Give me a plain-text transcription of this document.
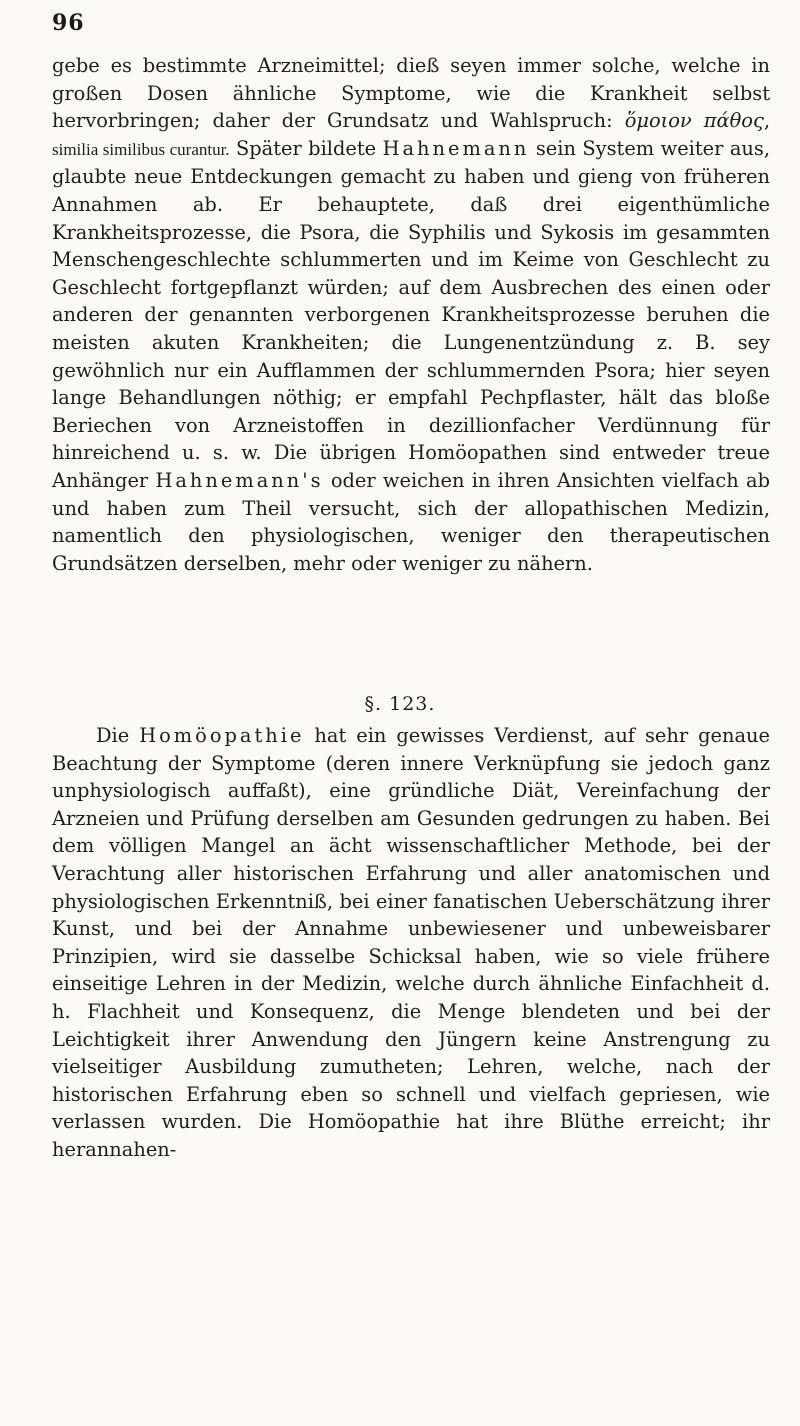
96
gebe es bestimmte Arzneimittel; dieß seyen immer solche, welche in großen Dosen ähnliche Symptome, wie die Krankheit selbst hervorbringen; daher der Grundsatz und Wahlspruch: ὅμοιον πάθος, similia similibus curantur. Später bildete Hahnemann sein System weiter aus, glaubte neue Entdeckungen gemacht zu haben und gieng von früheren Annahmen ab. Er behauptete, daß drei eigenthümliche Krankheitsprozesse, die Psora, die Syphilis und Sykosis im gesammten Menschengeschlechte schlummerten und im Keime von Geschlecht zu Geschlecht fortgepflanzt würden; auf dem Ausbrechen des einen oder anderen der genannten verborgenen Krankheitsprozesse beruhen die meisten akuten Krankheiten; die Lungenentzündung z. B. sey gewöhnlich nur ein Aufflammen der schlummernden Psora; hier seyen lange Behandlungen nöthig; er empfahl Pechpflaster, hält das bloße Beriechen von Arzneistoffen in dezillionfacher Verdünnung für hinreichend u. s. w. Die übrigen Homöopathen sind entweder treue Anhänger Hahnemann's oder weichen in ihren Ansichten vielfach ab und haben zum Theil versucht, sich der allopathischen Medizin, namentlich den physiologischen, weniger den therapeutischen Grundsätzen derselben, mehr oder weniger zu nähern.
§. 123.
Die Homöopathie hat ein gewisses Verdienst, auf sehr genaue Beachtung der Symptome (deren innere Verknüpfung sie jedoch ganz unphysiologisch auffaßt), eine gründliche Diät, Vereinfachung der Arzneien und Prüfung derselben am Gesunden gedrungen zu haben. Bei dem völligen Mangel an ächt wissenschaftlicher Methode, bei der Verachtung aller historischen Erfahrung und aller anatomischen und physiologischen Erkenntniß, bei einer fanatischen Ueberschätzung ihrer Kunst, und bei der Annahme unbewiesener und unbeweisbarer Prinzipien, wird sie dasselbe Schicksal haben, wie so viele frühere einseitige Lehren in der Medizin, welche durch ähnliche Einfachheit d. h. Flachheit und Konsequenz, die Menge blendeten und bei der Leichtigkeit ihrer Anwendung den Jüngern keine Anstrengung zu vielseitiger Ausbildung zumutheten; Lehren, welche, nach der historischen Erfahrung eben so schnell und vielfach gepriesen, wie verlassen wurden. Die Homöopathie hat ihre Blüthe erreicht; ihr herannahen-
